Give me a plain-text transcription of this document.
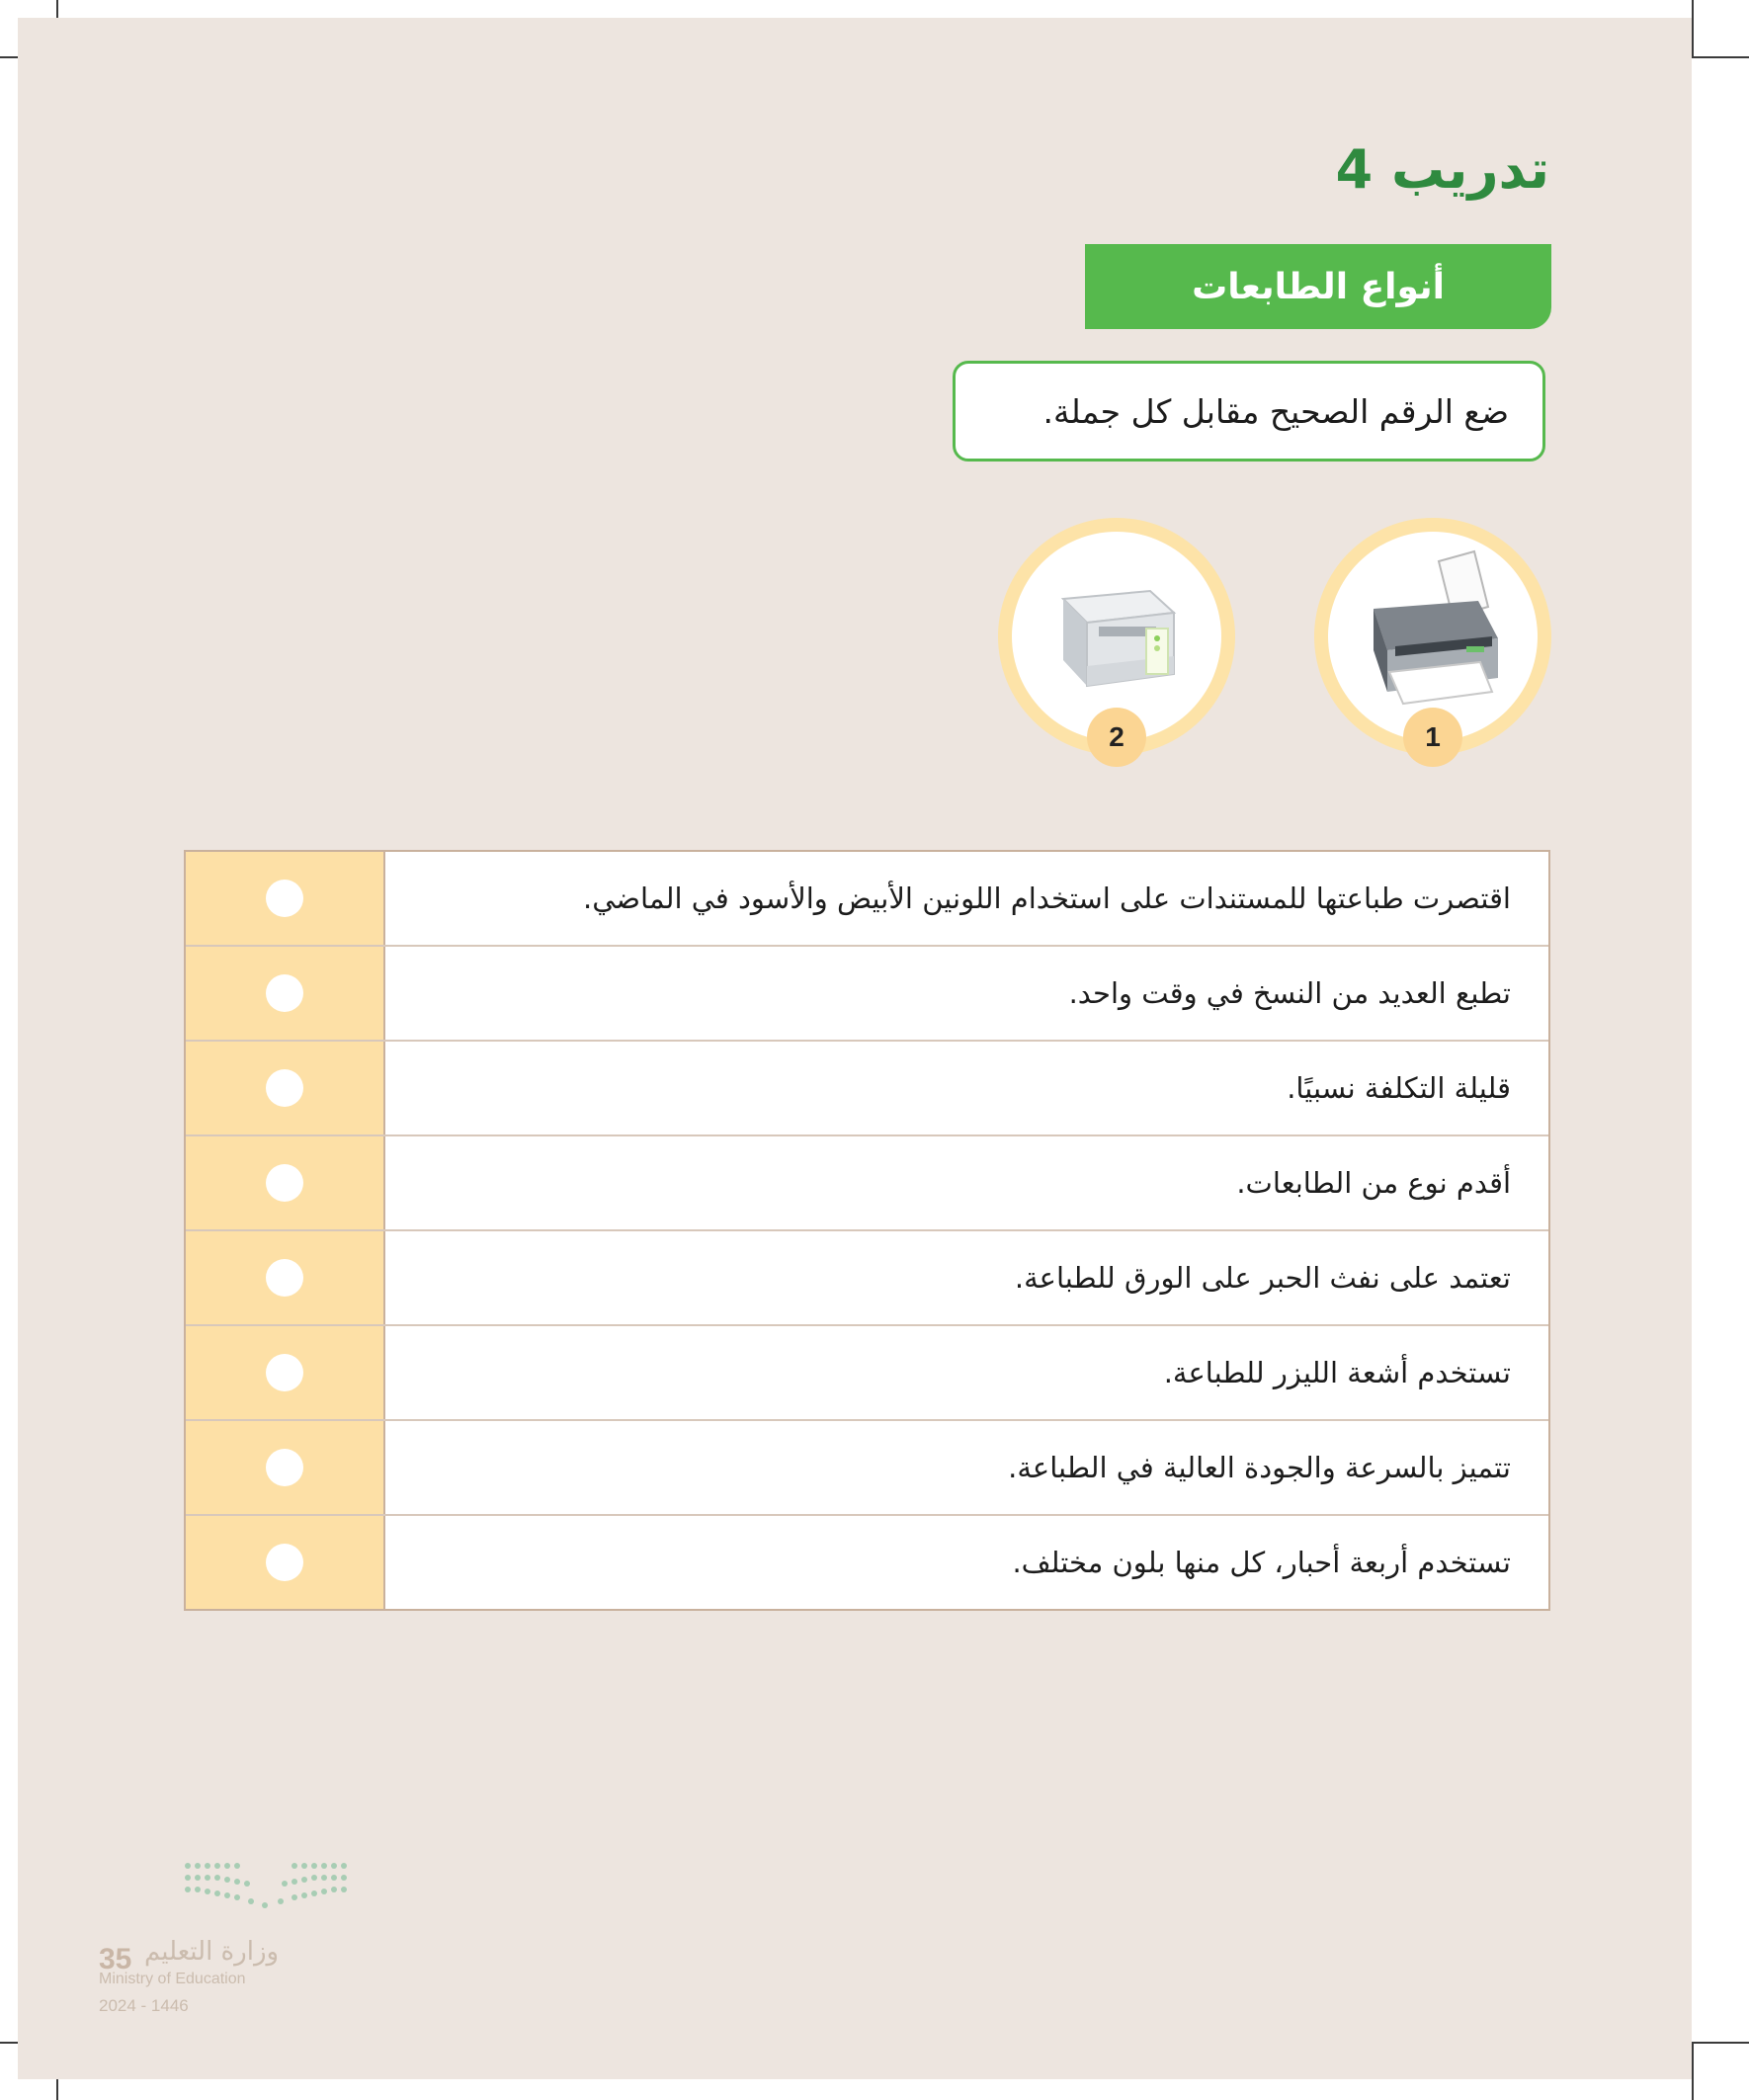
تدريب 4
أنواع الطابعات
ضع الرقم الصحيح مقابل كل جملة.
1
2
اقتصرت طباعتها للمستندات على استخدام اللونين الأبيض والأسود في الماضي.
تطبع العديد من النسخ في وقت واحد.
قليلة التكلفة نسبيًا.
أقدم نوع من الطابعات.
تعتمد على نفث الحبر على الورق للطباعة.
تستخدم أشعة الليزر للطباعة.
تتميز بالسرعة والجودة العالية في الطباعة.
تستخدم أربعة أحبار، كل منها بلون مختلف.
وزارة التعليم
35
Ministry of Education
2024 - 1446
